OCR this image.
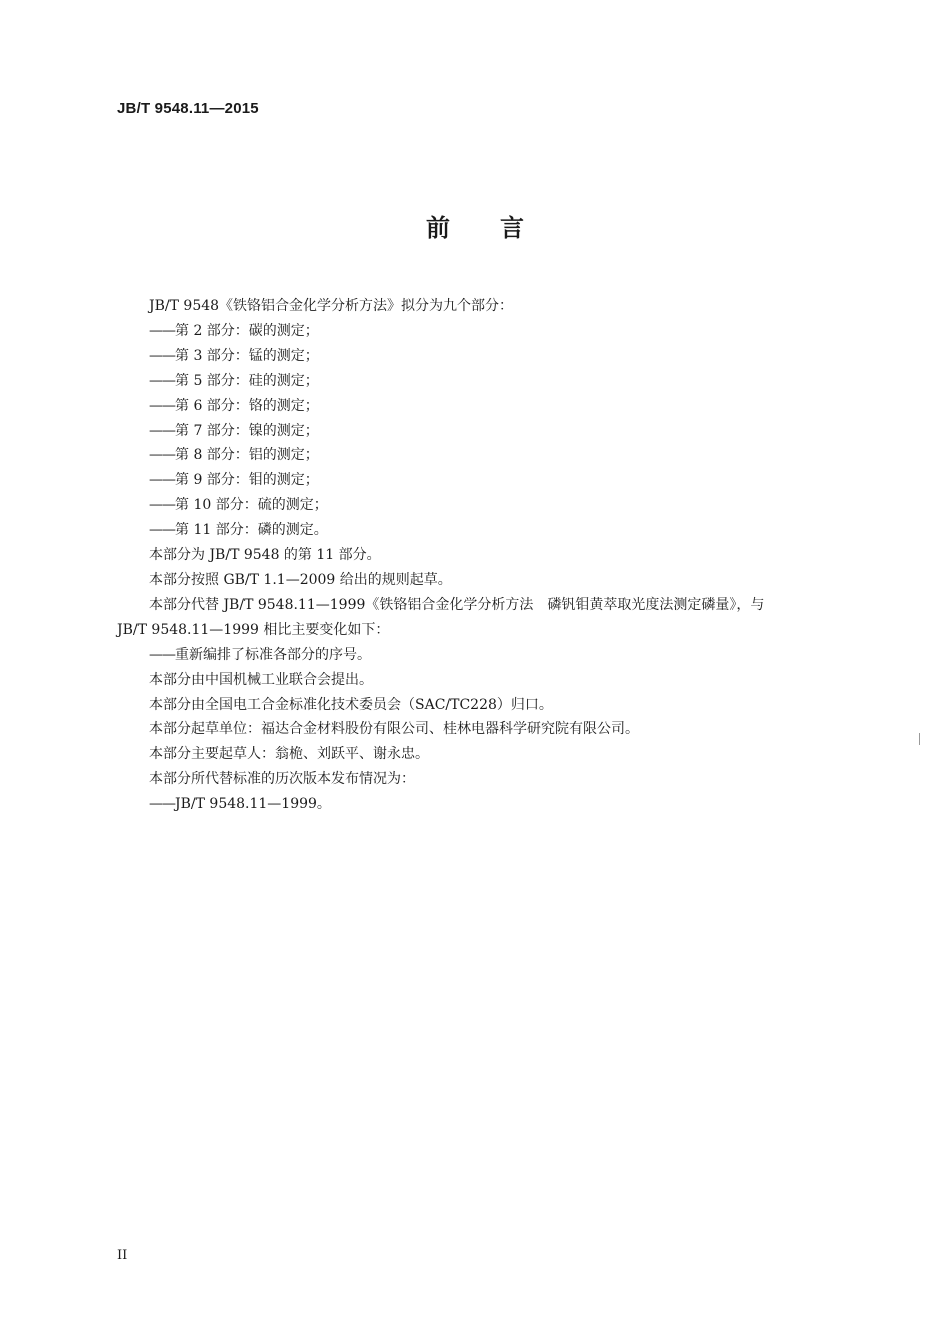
JB/T 9548.11—2015
前 言
JB/T 9548《铁铬铝合金化学分析方法》拟分为九个部分：
——第 2 部分：碳的测定；
——第 3 部分：锰的测定；
——第 5 部分：硅的测定；
——第 6 部分：铬的测定；
——第 7 部分：镍的测定；
——第 8 部分：铝的测定；
——第 9 部分：钼的测定；
——第 10 部分：硫的测定；
——第 11 部分：磷的测定。
本部分为 JB/T 9548 的第 11 部分。
本部分按照 GB/T 1.1—2009 给出的规则起草。
本部分代替 JB/T 9548.11—1999《铁铬铝合金化学分析方法　磷钒钼黄萃取光度法测定磷量》，与
JB/T 9548.11—1999 相比主要变化如下：
——重新编排了标准各部分的序号。
本部分由中国机械工业联合会提出。
本部分由全国电工合金标准化技术委员会（SAC/TC228）归口。
本部分起草单位：福达合金材料股份有限公司、桂林电器科学研究院有限公司。
本部分主要起草人：翁桅、刘跃平、谢永忠。
本部分所代替标准的历次版本发布情况为：
——JB/T 9548.11—1999。
II
